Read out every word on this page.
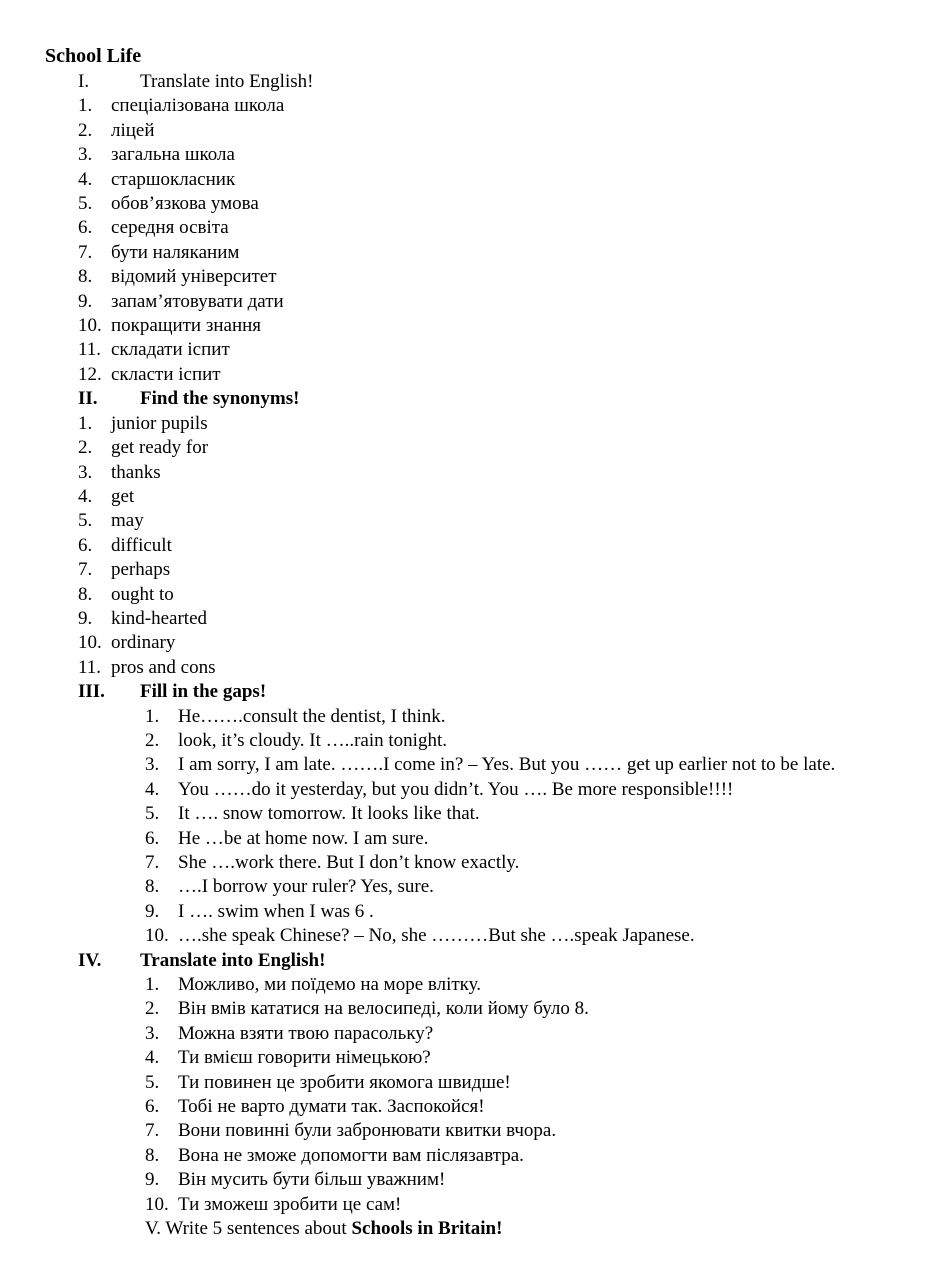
School Life
I.	Translate into English!
1. спеціалізована школа
2. ліцей
3. загальна школа
4. старшокласник
5. обов’язкова умова
6. середня освіта
7. бути наляканим
8. відомий університет
9. запам’ятовувати дати
10. покращити знання
11. складати іспит
12. скласти іспит
II.	Find the synonyms!
1. junior pupils
2. get ready for
3. thanks
4. get
5. may
6. difficult
7. perhaps
8. ought to
9. kind-hearted
10. ordinary
11. pros and cons
III.	Fill in the gaps!
1. He…….consult the dentist, I think.
2. look, it’s cloudy. It …..rain tonight.
3. I am sorry, I am late. …….I come in? – Yes. But you …… get up earlier not to be late.
4. You ……do it yesterday, but you didn’t. You …. Be more responsible!!!!
5. It …. snow tomorrow. It looks like that.
6. He …be at home now. I am sure.
7. She ….work there. But I don’t know exactly.
8. ….I borrow your ruler? Yes, sure.
9. I …. swim when I was 6 .
10. ….she speak Chinese? – No, she ………But she ….speak Japanese.
IV.	Translate into English!
1. Можливо, ми поїдемо на море влітку.
2. Він вмів кататися на велосипеді, коли йому було 8.
3. Можна взяти твою парасольку?
4. Ти вмієш говорити німецькою?
5. Ти повинен це зробити якомога швидше!
6. Тобі не варто думати так. Заспокойся!
7. Вони повинні були забронювати квитки вчора.
8. Вона не зможе допомогти вам післязавтра.
9. Він мусить бути більш уважним!
10. Ти зможеш зробити це сам!
V. Write 5 sentences about Schools in Britain!
